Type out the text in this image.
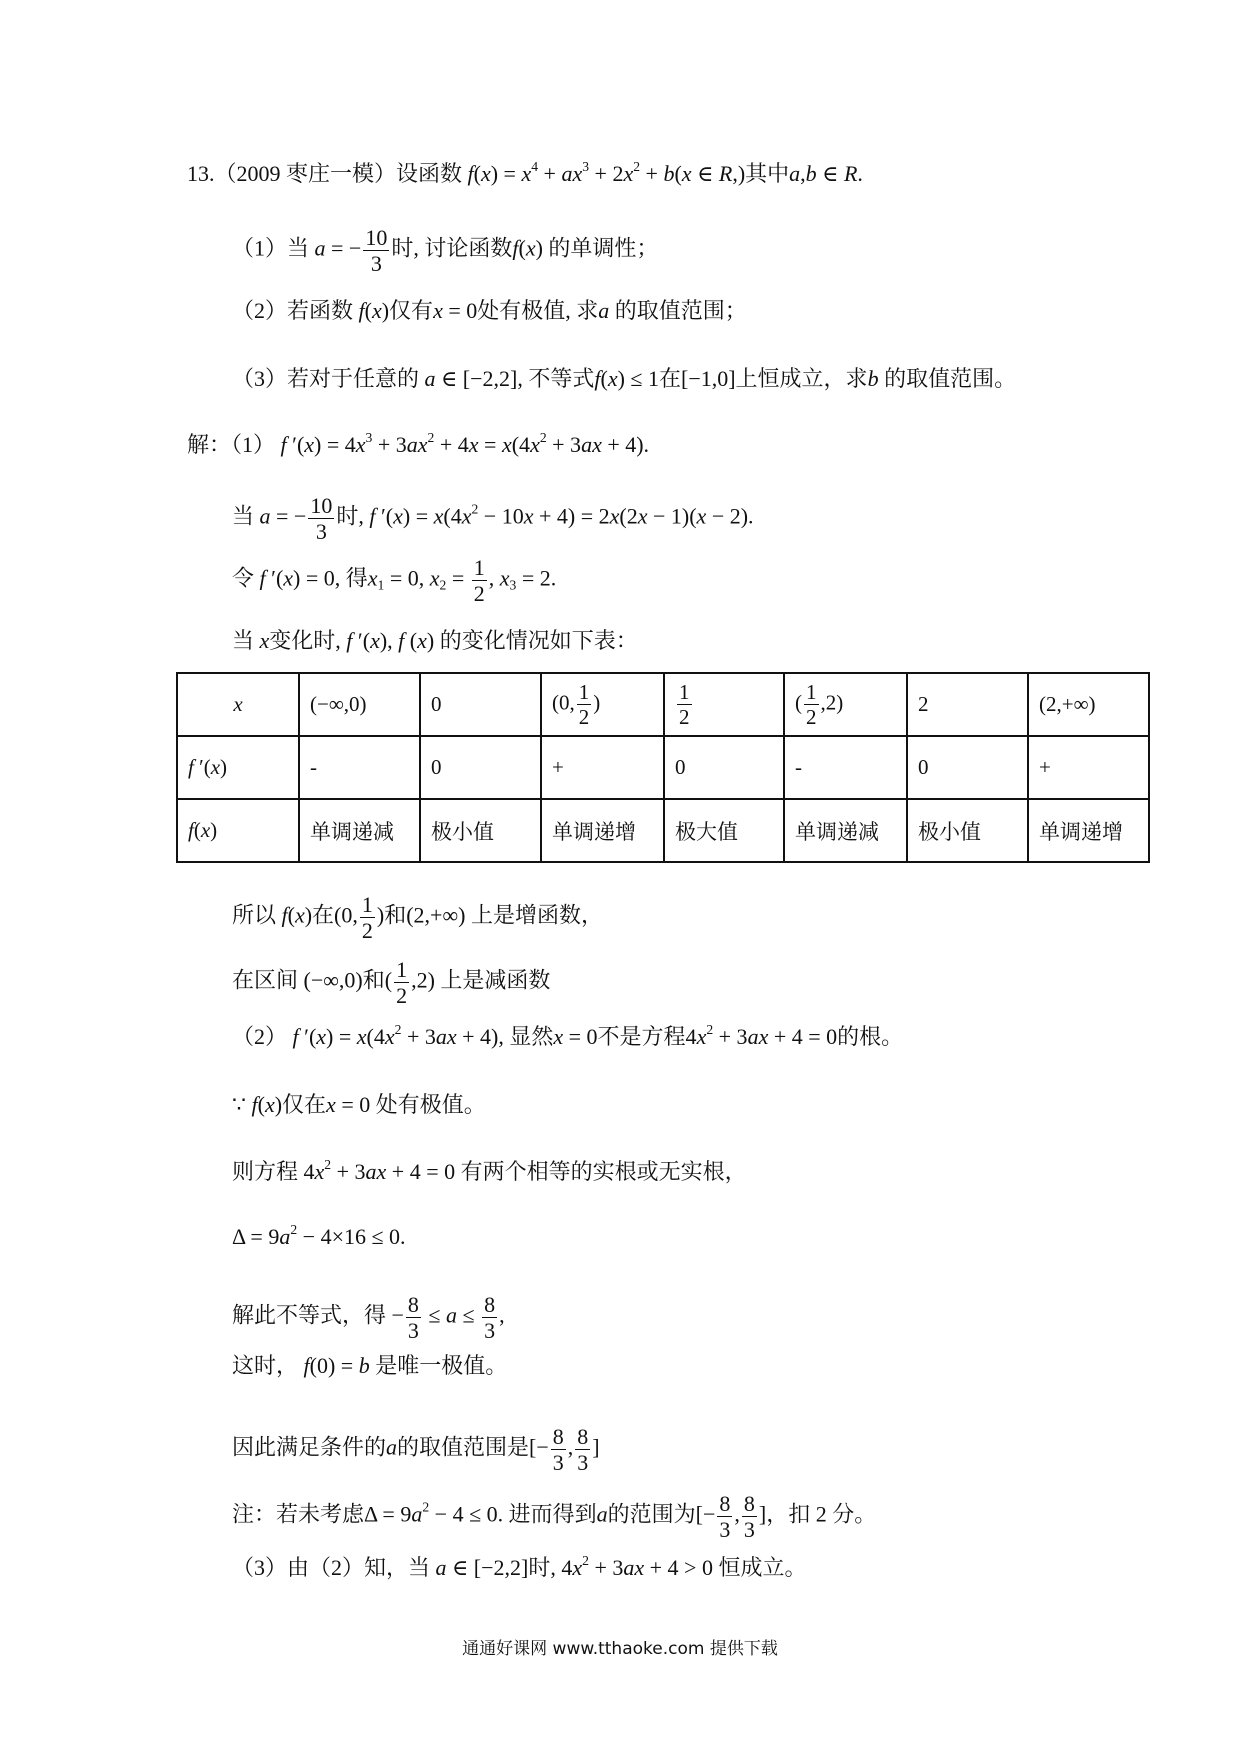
13.（2009 枣庄一模）设函数 $f(x) = x^4 + ax^3 + 2x^2 + b(x$ ∈ R,)其中a,b ∈ R.
（1）当 a = − $\frac{10}{3}$ 时, 讨论函数f(x) 的单调性；
（2）若函数 f(x)仅有x = 0处有极值, 求a 的取值范围；
（3）若对于任意的 a ∈ [−2,2], 不等式f(x) ≤ 1在[−1,0]上恒成立，求b 的取值范围。
解：（1） f $'(x) = 4x^3 + 3ax^2 + 4x = x(4x^2 + 3ax + 4)$.
当 a = − $\frac{10}{3}$ 时, f $'(x) = x(4x^2 - 10x + 4) = 2x(2x - 1)(x - 2)$.
令 f ′(x) = 0, 得$x_1 = 0$, $x_2 = \frac{1}{2}$ , $x_3 = 2$.
当 x变化时, f ′(x), f (x) 的变化情况如下表：
x	(−∞,0)	0	(0, $\frac{1}{2}$ )	$\frac{1}{2}$	( $\frac{1}{2} ,2$)	2	(2,+∞)
f ′(x)	-	0	+	0	-	0	+
f(x)	单调递减	极小值	单调递增	极大值	单调递减	极小值	单调递增
所以 f(x)在(0, $\frac{1}{2}$ )和(2,+∞) 上是增函数，
在区间 (−∞,0)和( $\frac{1}{2} ,2$) 上是减函数
（2） f $'(x) = x(4x^2 + 3ax + 4)$, 显然x = 0不是方程$4x^2 + 3ax + 4 = 0$的根。
∵ f(x)仅在x = 0 处有极值。
则方程 $4x^2 + 3ax + 4 = 0$ 有两个相等的实根或无实根，
$\Delta = 9a^2 - 4\times 16 \le 0$.
解此不等式，得 − $\frac{8}{3} \le a \le \frac{8}{3}$ ,
这时， f(0) = b 是唯一极值。
因此满足条件的a的取值范围是[− $\frac{8}{3}$ , $\frac{8}{3}$ ]
注：若未考虑$\Delta = 9a^2 - 4 \le 0$. 进而得到a的范围为[− $\frac{8}{3}$ , $\frac{8}{3}$ ]，扣 2 分。
（3）由（2）知，当 a ∈ [−2,2]时, $4x^2 + 3ax + 4 > 0$ 恒成立。
通通好课网 www.tthaoke.com 提供下载
